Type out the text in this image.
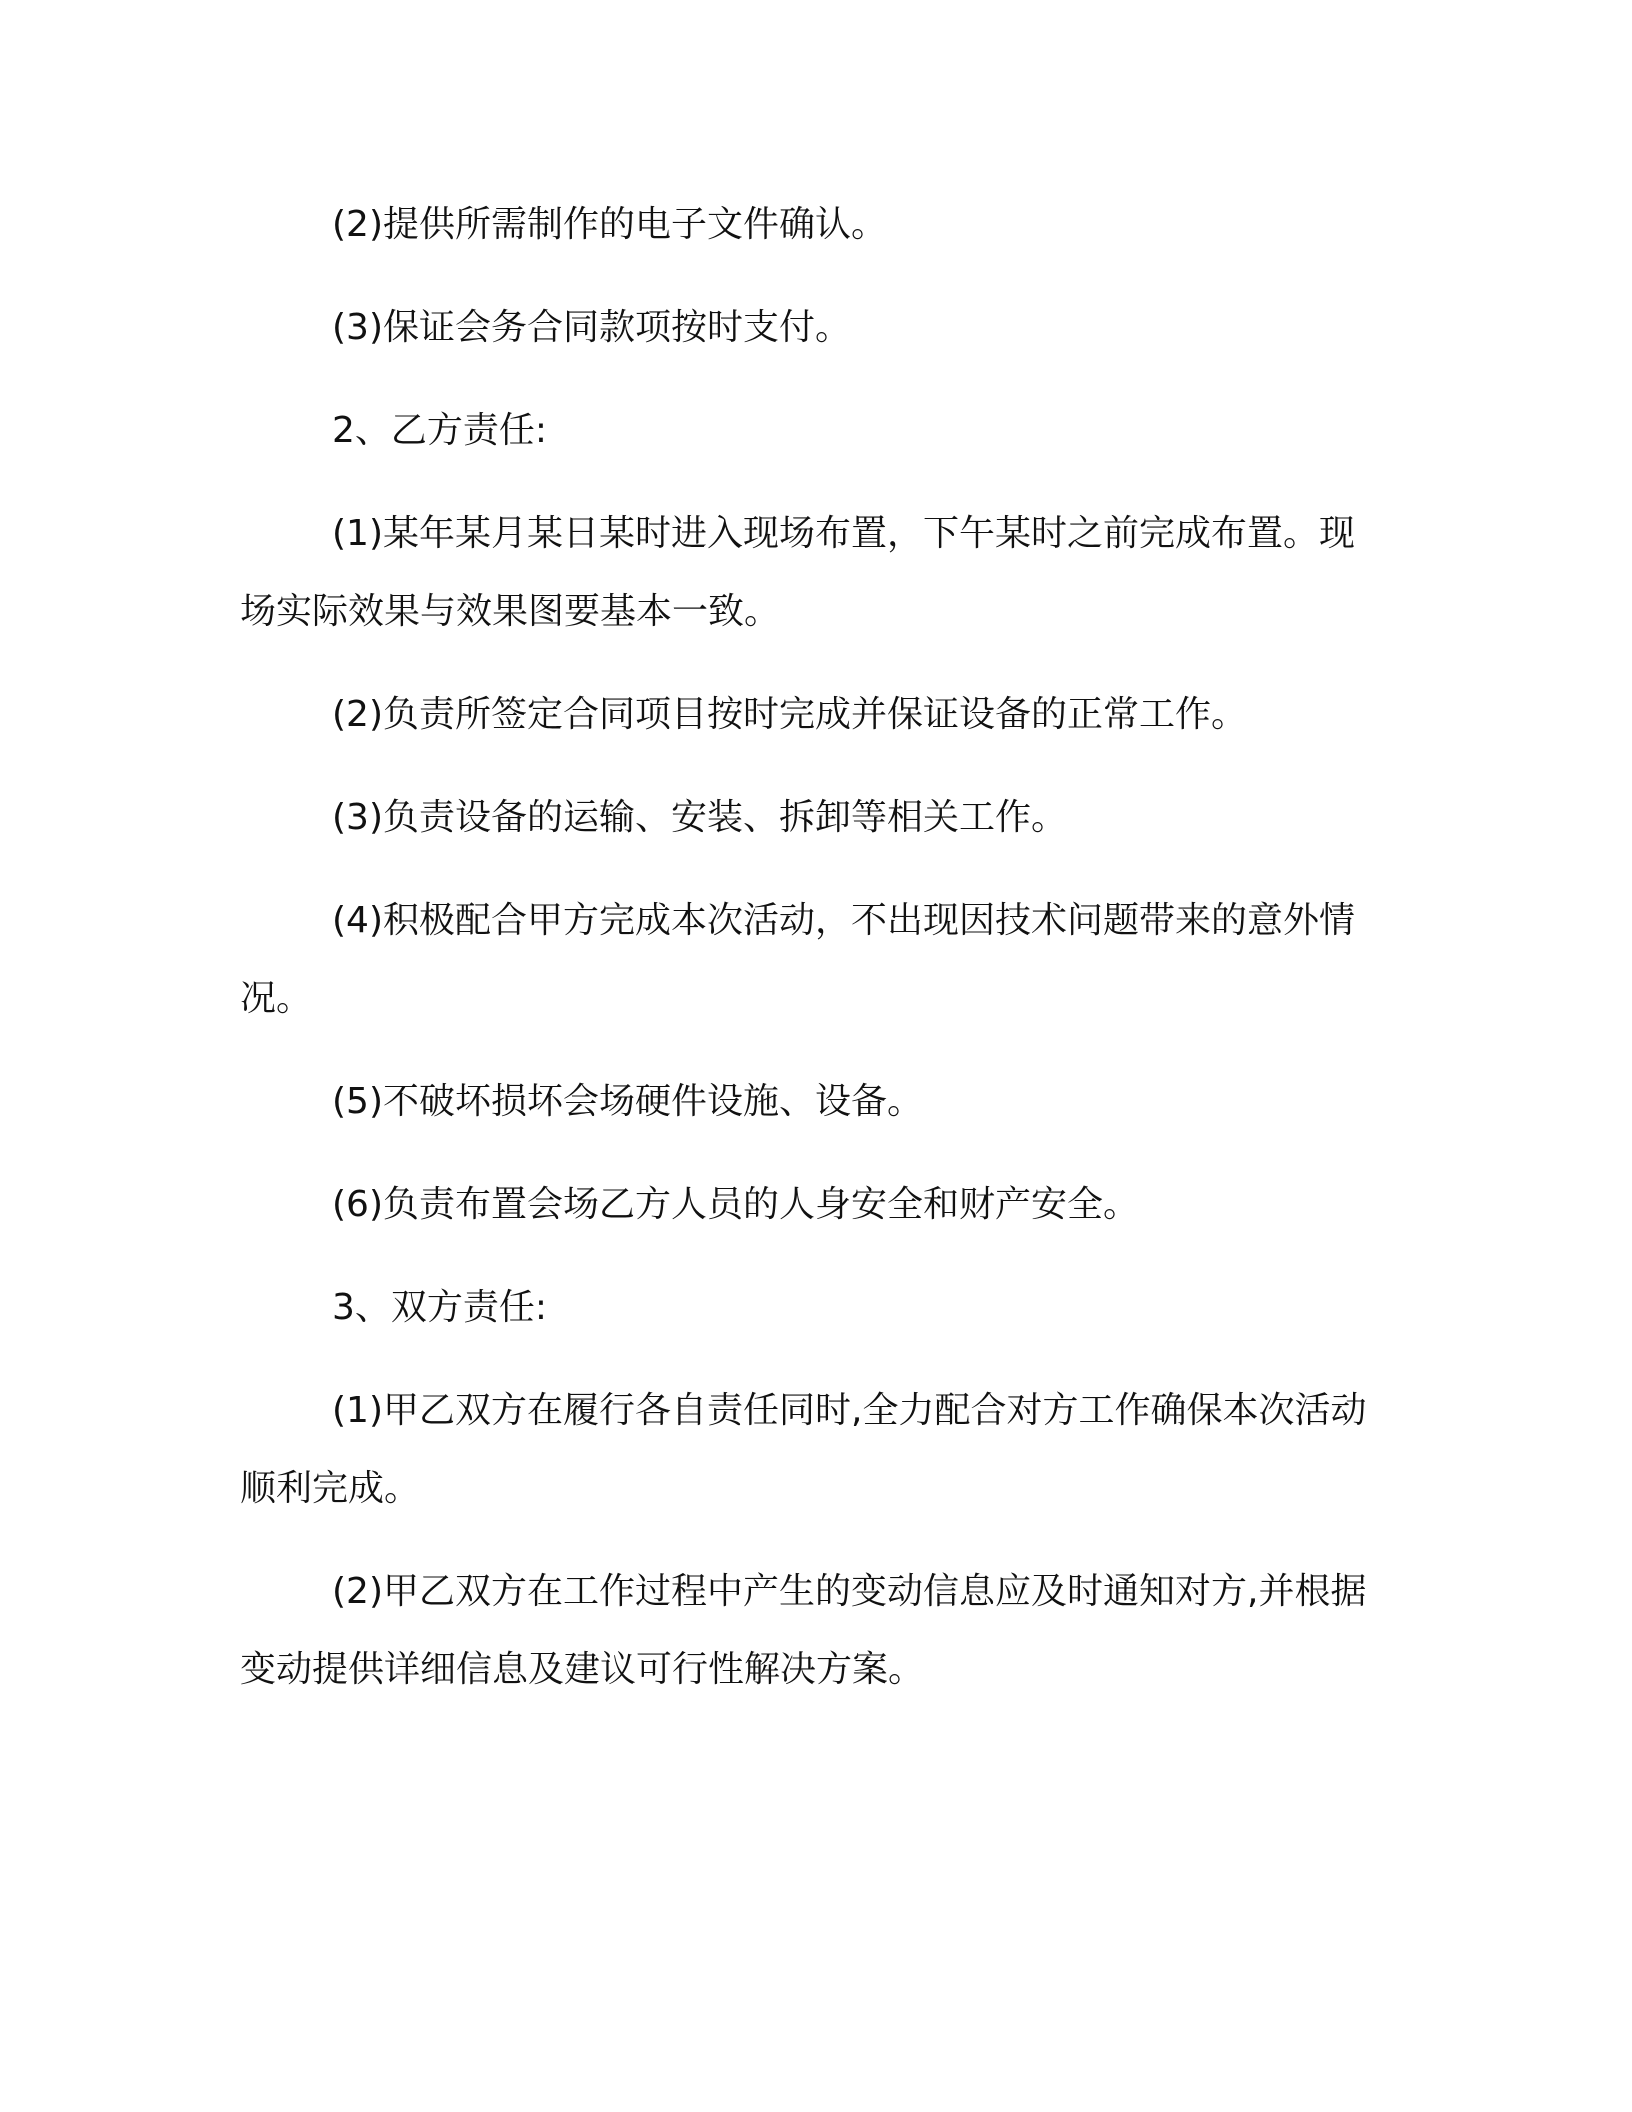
(2)提供所需制作的电子文件确认。

(3)保证会务合同款项按时支付。

2、乙方责任:

(1)某年某月某日某时进入现场布置，下午某时之前完成布置。现场实际效果与效果图要基本一致。

(2)负责所签定合同项目按时完成并保证设备的正常工作。

(3)负责设备的运输、安装、拆卸等相关工作。

(4)积极配合甲方完成本次活动，不出现因技术问题带来的意外情况。

(5)不破坏损坏会场硬件设施、设备。

(6)负责布置会场乙方人员的人身安全和财产安全。

3、双方责任:

(1)甲乙双方在履行各自责任同时,全力配合对方工作确保本次活动顺利完成。

(2)甲乙双方在工作过程中产生的变动信息应及时通知对方,并根据变动提供详细信息及建议可行性解决方案。
